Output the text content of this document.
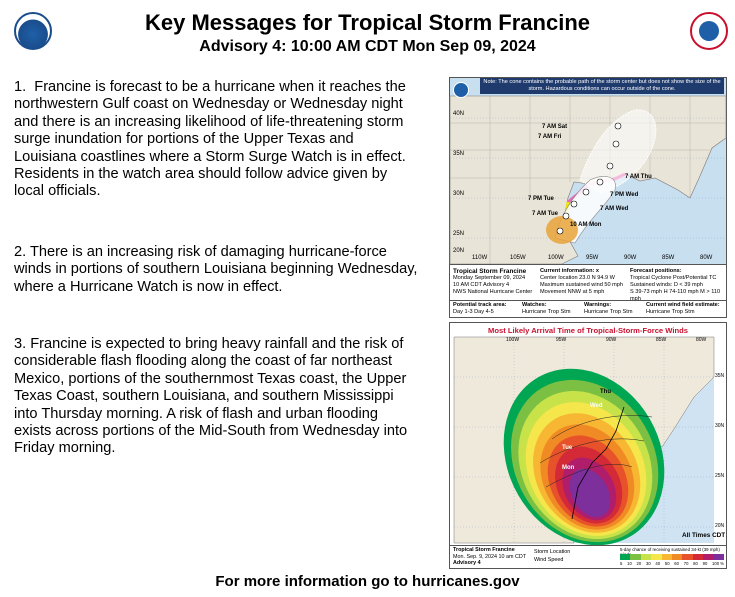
Key Messages for Tropical Storm Francine
Advisory 4: 10:00 AM CDT Mon Sep 09, 2024
1.  Francine is forecast to be a hurricane when it reaches the northwestern Gulf coast on Wednesday or Wednesday night and there is an increasing likelihood of life-threatening storm surge inundation for portions of the Upper Texas and Louisiana coastlines where a Storm Surge Watch is in effect.  Residents in the watch area should follow advice given by local officials.
2. There is an increasing risk of damaging hurricane-force winds in portions of southern Louisiana beginning Wednesday, where a Hurricane Watch is now in effect.
3. Francine is expected to bring heavy rainfall and the risk of considerable flash flooding along the coast of far northeast Mexico, portions of the southernmost Texas coast, the Upper Texas Coast, southern Louisiana, and southern Mississippi into Thursday morning. A risk of flash and urban flooding exists across portions of the Mid-South from Wednesday into Friday morning.
Note: The cone contains the probable path of the storm center but does not show the size of the storm. Hazardous conditions can occur outside of the cone.
7 AM Sat
7 AM Fri
7 AM Thu
7 PM Wed
7 AM Wed
7 PM Tue
7 AM Tue
10 AM Mon
40N
35N
30N
25N
20N
110W	105W	100W	95W	90W	85W	80W
Tropical Storm Francine
Monday September 09, 2024
10 AM CDT Advisory 4
NWS National Hurricane Center
Current information: x
Center location 23.0 N 94.9 W
Maximum sustained wind 50 mph
Movement NNW at 5 mph
Forecast positions:
Tropical Cyclone Post/Potential TC
Sustained winds: D < 39 mph
S 39-73 mph H 74-110 mph M > 110 mph
Potential track area:
Day 1-3 Day 4-5
Watches:
Hurricane Trop Stm
Warnings:
Hurricane Trop Stm
Current wind field estimate:
Hurricane Trop Stm
Most Likely Arrival Time of Tropical-Storm-Force Winds
All Times CDT
Wed
Tue
Mon
Thu
100W	95W	90W	85W	80W
35N
30N
25N
20N
Tropical Storm Francine
Mon. Sep. 9, 2024 10 am CDT
Advisory 4
Storm Location
Wind Speed
5-day chance of receiving sustained 34-kt (39 mph)
5 10 20 30 40 50 60 70 80 90 100 %
For more information go to hurricanes.gov
